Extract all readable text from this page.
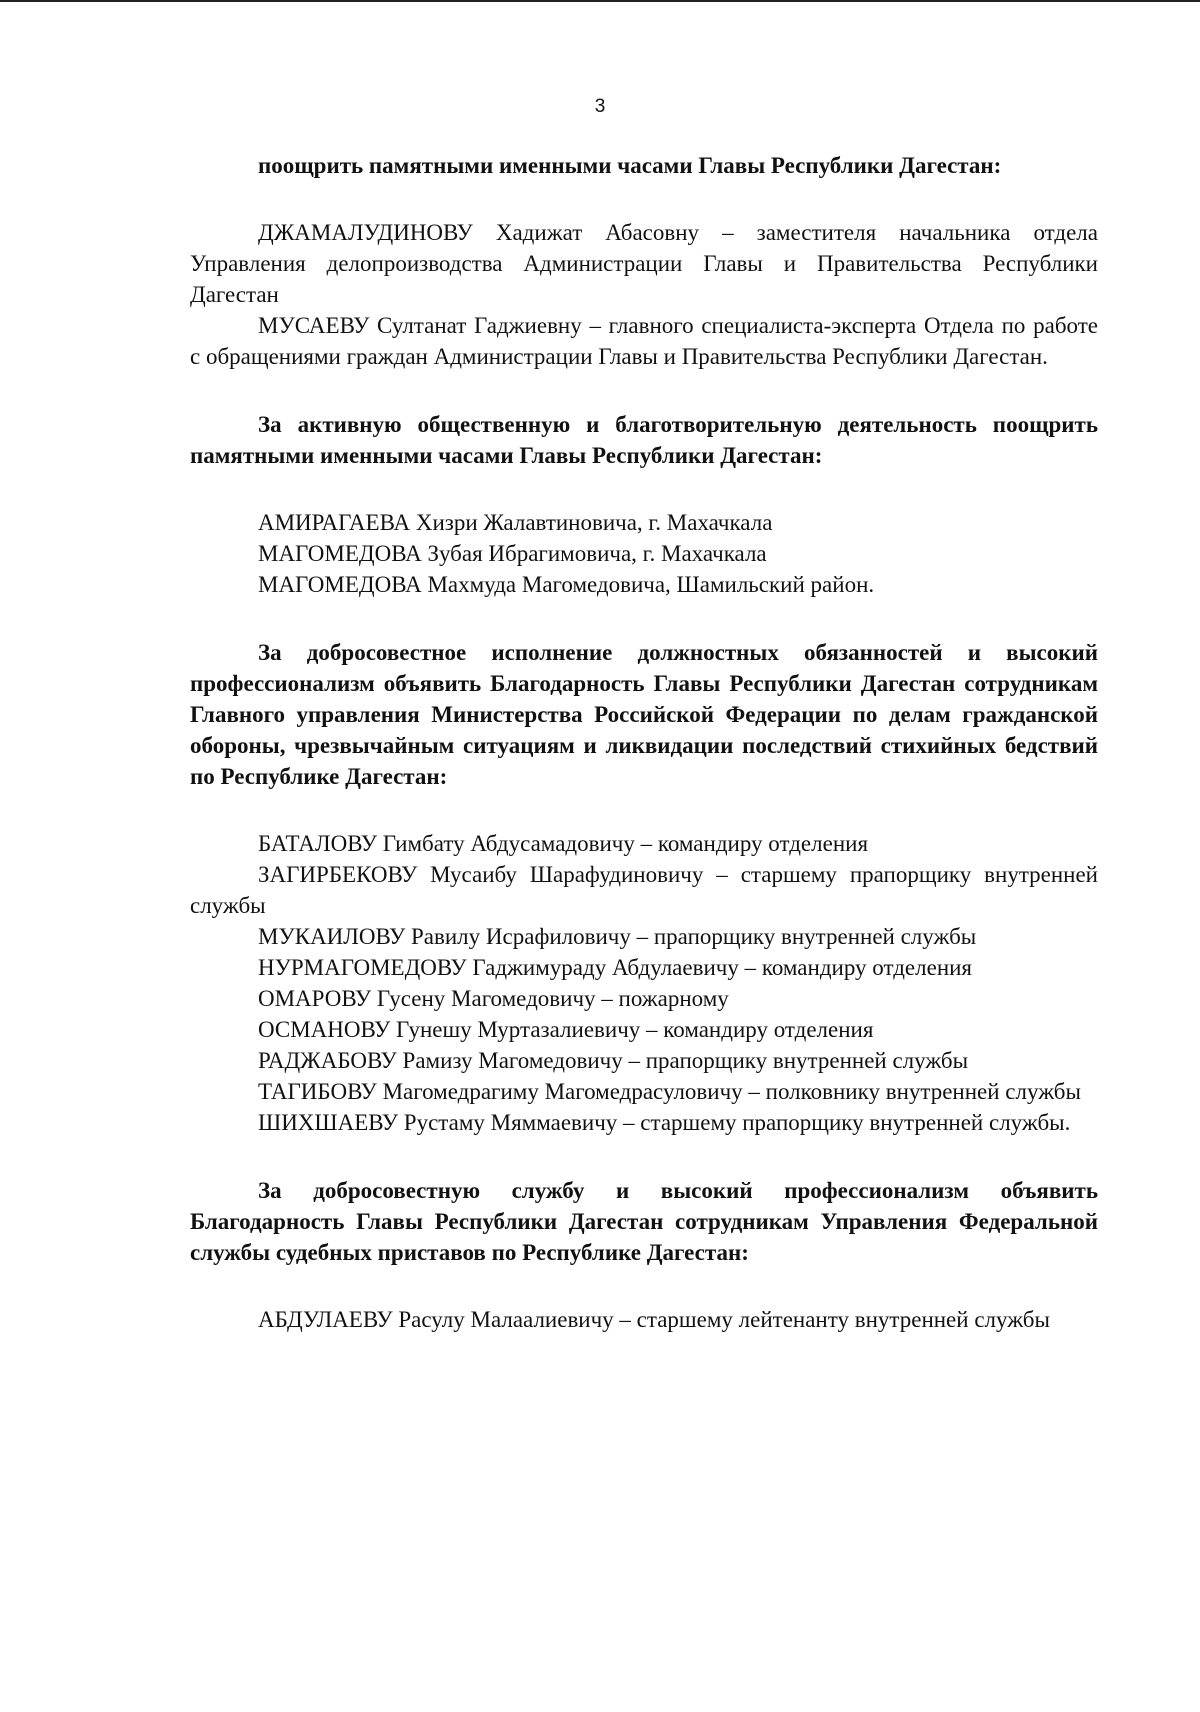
3

поощрить памятными именными часами Главы Республики Дагестан:

ДЖАМАЛУДИНОВУ Хадижат Абасовну – заместителя начальника отдела Управления делопроизводства Администрации Главы и Правительства Республики Дагестан

МУСАЕВУ Султанат Гаджиевну – главного специалиста-эксперта Отдела по работе с обращениями граждан Администрации Главы и Правительства Республики Дагестан.

За активную общественную и благотворительную деятельность поощрить памятными именными часами Главы Республики Дагестан:

АМИРАГАЕВА Хизри Жалавтиновича, г. Махачкала

МАГОМЕДОВА Зубая Ибрагимовича, г. Махачкала

МАГОМЕДОВА Махмуда Магомедовича, Шамильский район.

За добросовестное исполнение должностных обязанностей и высокий профессионализм объявить Благодарность Главы Республики Дагестан сотрудникам Главного управления Министерства Российской Федерации по делам гражданской обороны, чрезвычайным ситуациям и ликвидации последствий стихийных бедствий по Республике Дагестан:

БАТАЛОВУ Гимбату Абдусамадовичу – командиру отделения

ЗАГИРБЕКОВУ Мусаибу Шарафудиновичу – старшему прапорщику внутренней службы

МУКАИЛОВУ Равилу Исрафиловичу – прапорщику внутренней службы

НУРМАГОМЕДОВУ Гаджимураду Абдулаевичу – командиру отделения

ОМАРОВУ Гусену Магомедовичу – пожарному

ОСМАНОВУ Гунешу Муртазалиевичу – командиру отделения

РАДЖАБОВУ Рамизу Магомедовичу – прапорщику внутренней службы

ТАГИБОВУ Магомедрагиму Магомедрасуловичу – полковнику внутренней службы

ШИХШАЕВУ Рустаму Мяммаевичу – старшему прапорщику внутренней службы.

За добросовестную службу и высокий профессионализм объявить Благодарность Главы Республики Дагестан сотрудникам Управления Федеральной службы судебных приставов по Республике Дагестан:

АБДУЛАЕВУ Расулу Малаалиевичу – старшему лейтенанту внутренней службы
